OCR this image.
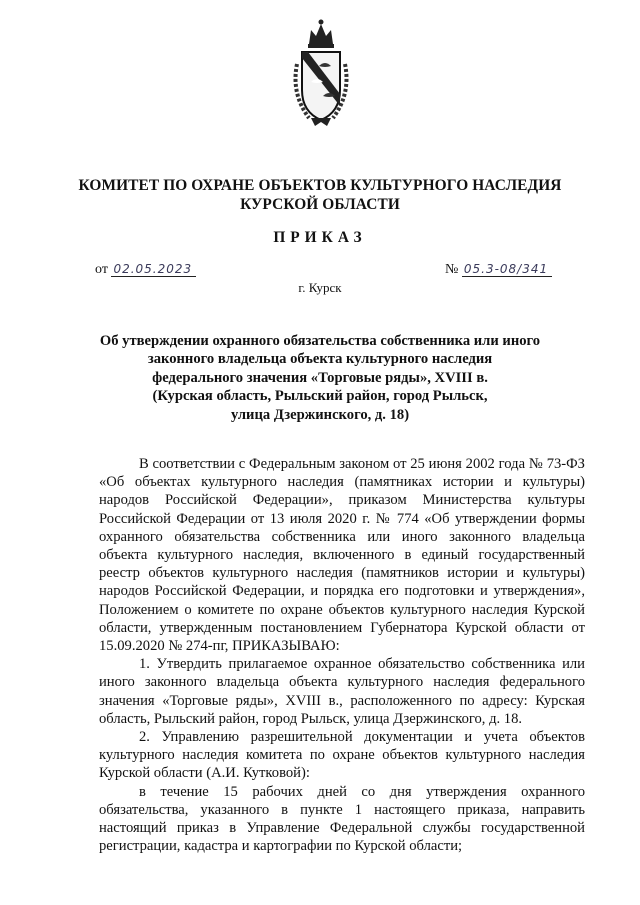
КОМИТЕТ ПО ОХРАНЕ ОБЪЕКТОВ КУЛЬТУРНОГО НАСЛЕДИЯ
КУРСКОЙ ОБЛАСТИ
ПРИКАЗ
от 02.05.2023	№ 05.3-08/341
г. Курск
Об утверждении охранного обязательства собственника или иного
законного владельца объекта культурного наследия
федерального значения «Торговые ряды», XVIII в.
(Курская область, Рыльский район, город Рыльск,
улица Дзержинского, д. 18)
В соответствии с Федеральным законом от 25 июня 2002 года № 73-ФЗ «Об объектах культурного наследия (памятниках истории и культуры) народов Российской Федерации», приказом Министерства культуры Российской Федерации от 13 июля 2020 г. № 774 «Об утверждении формы охранного обязательства собственника или иного законного владельца объекта культурного наследия, включенного в единый государственный реестр объектов культурного наследия (памятников истории и культуры) народов Российской Федерации, и порядка его подготовки и утверждения», Положением о комитете по охране объектов культурного наследия Курской области, утвержденным постановлением Губернатора Курской области от 15.09.2020 № 274-пг, ПРИКАЗЫВАЮ:
1. Утвердить прилагаемое охранное обязательство собственника или иного законного владельца объекта культурного наследия федерального значения «Торговые ряды», XVIII в., расположенного по адресу: Курская область, Рыльский район, город Рыльск, улица Дзержинского, д. 18.
2. Управлению разрешительной документации и учета объектов культурного наследия комитета по охране объектов культурного наследия Курской области (А.И. Кутковой):
в течение 15 рабочих дней со дня утверждения охранного обязательства, указанного в пункте 1 настоящего приказа, направить настоящий приказ в Управление Федеральной службы государственной регистрации, кадастра и картографии по Курской области;
